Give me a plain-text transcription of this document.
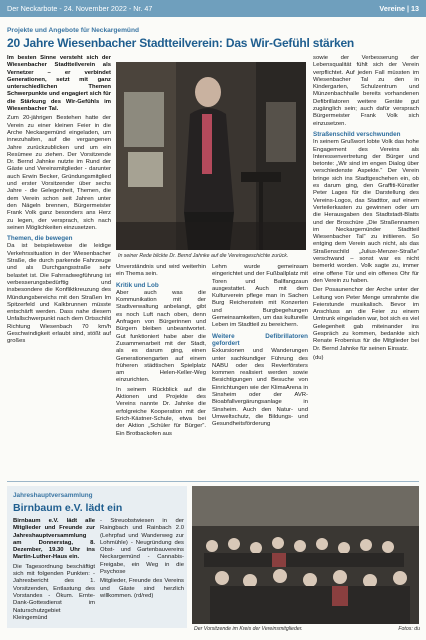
Der Neckarbote - 24. November 2022 - Nr. 47	Vereine | 13
Projekte und Angebote für Neckargemünd
20 Jahre Wiesenbacher Stadtteilverein: Das Wir-Gefühl stärken

Im besten Sinne versteht sich der Wiesenbacher Stadtteilverein als Vernetzer – er verbindet Generationen, setzt mit ganz unterschiedlichen Themen Schwerpunkte und engagiert sich für die Stärkung des Wir-Gefühls im Wiesenbacher Tal.

Zum 20-jährigen Bestehen hatte der Verein zu einer kleinen Feier in die Arche Neckargemünd eingeladen, um innezuhalten, auf die vergangenen Jahre zurückzublicken und um ein Resümee zu ziehen. Der Vorsitzende Dr. Bernd Jahnke nutzte im Rund der Gäste und Vereinsmitglieder - darunter auch Erwin Becker, Gründungsmitglied und erster Vorsitzender über sechs Jahre - die Gelegenheit, Themen, die dem Verein schon seit Jahren unter den Nägeln brennen, Bürgermeister Frank Volk ganz besonders ans Herz zu legen, der versprach, sich nach seinen Möglichkeiten einzusetzen.

Themen, die bewegen

Da ist beispielsweise die leidige Verkehrssituation in der Wiesenbacher Straße, die durch parkende Fahrzeuge und als Durchgangsstraße sehr belastet ist. Die Fahrradwegführung ist verbesserungsbedürftig und insbesondere die Konfliktkreuzung des Mündungsbereichs mit den Straßen Im Spitzerfeld und Kalkbrunnen müsste entschärft werden. Dass nahe diesem Unfallschwerpunkt nach dem Ortsschild Richtung Wiesenbach 70 km/h Geschwindigkeit erlaubt sind, stößt auf großes

In seiner Rede blickte Dr. Bernd Jahnke auf die Vereinsgeschichte zurück.

Unverständnis und wird weiterhin ein Thema sein.

Kritik und Lob

Aber auch was die Kommunikation mit der Stadtverwaltung anbelangt, gibt es noch Luft nach oben, denn Anfragen von Bürgerinnen und Bürgern bleiben unbeantwortet. Gut funktioniert habe aber die Zusammenarbeit mit der Stadt, als es darum ging, einen Generationengarten auf einem früheren städtischen Spielplatz am Helen-Keller-Weg einzurichten.

In seinem Rückblick auf die Aktionen und Projekte des Vereins nannte Dr. Jahnke die erfolgreiche Kooperation mit der Erich-Kästner-Schule, etwa bei der Aktion „Schüler für Bürger“. Ein Brotbackofen aus

Lehm wurde gemeinsam eingerichtet und der Fußballplatz mit Toren und Ballfangzaun ausgestattet. Auch mit dem Kulturverein pflege man in Sachen Burg Reichenstein mit Konzerten und Burgbegehungen Gemeinsamkeiten, um das kulturelle Leben im Stadtteil zu bereichern.

Weitere Defibrillatoren gefordert

Exkursionen und Wanderungen unter sachkundiger Führung des NABU oder des Revierförsters kommen realisiert werden sowie Besichtigungen und Besuche von Einrichtungen wie der KlimaArena in Sinsheim oder der AVR-Bioabfallvergärungsanlage in Sinsheim. Auch den Natur- und Umweltschutz, die Bildungs- und Gesundheitsförderung

sowie der Verbesserung der Lebensqualität fühlt sich der Verein verpflichtet. Auf jeden Fall müssten im Wiesenbacher Tal zu den in Kindergarten, Schulzentrum und Münzenbachhalle bereits vorhandenen Defibrillatoren weitere Geräte gut zugänglich sein; auch dafür versprach Bürgermeister Frank Volk sich einzusetzen.

Straßenschild verschwunden

In seinem Grußwort lobte Volk das hohe Engagement des Vereins als Interessenvertretung der Bürger und betonte: „Wir sind im engen Dialog über verschiedenste Aspekte.“ Der Verein bringe sich ins Stadtgeschehen ein, ob es darum ging, den Graffiti-Künstler Peter Lages für die Darstellung des Vereins-Logos, das Stadttor, auf einem Verteilerkasten zu gewinnen oder um die Herausgaben des Stadtstadt-Blatts und der Broschüre „Die Straßennamen im Neckargemünder Stadtteil Wiesenbacher Tal“ zu initiieren. So entging dem Verein auch nicht, als das Straßenschild „Julius-Menzer-Straße“ verschwand – sonst war es nicht bemerkt worden. Volk sagte zu, immer eine offene Tür und ein offenes Ohr für den Verein zu haben.

Der Posaunenchor der Arche unter der Leitung von Peter Menge umrahmte die Feierstunde musikalisch. Bevor im Anschluss an die Feier zu einem Umtrunk eingeladen war, bot sich es viel Gelegenheit gab miteinander ins Gespräch zu kommen, bedankte sich Renate Frobenius für die Mitglieder bei Dr. Bernd Jahnke für seinen Einsatz.

(du)

Jahreshauptversammlung
Birnbaum e.V. lädt ein

Birnbaum e.V. lädt alle Mitglieder und Freunde zur Jahreshauptversammlung am Donnerstag, 8. Dezember, 19.30 Uhr ins Martin-Luther-Haus ein.

Die Tagesordnung beschäftigt sich mit folgenden Punkten: - Jahresbericht des 1. Vorsitzenden, Entlastung des Vorstandes - Ökum. Ernte-Dank-Gottesdienst im Naturschutzgebiet Kleingemünd

- Streuobstwiesen in der Raingbach und Rainbach 2.0 (Lehrpfad und Wanderweg zur Lohmühle) - Neugründung des Obst- und Gartenbauvereins Neckargemünd - Cannabis-Freigabe, ein Weg in die Psychose

Mitglieder, Freunde des Vereins und Gäste sind herzlich willkommen. (rd/red)

Der Vorsitzende im Kreis der Vereinsmitglieder.	Fotos: du
